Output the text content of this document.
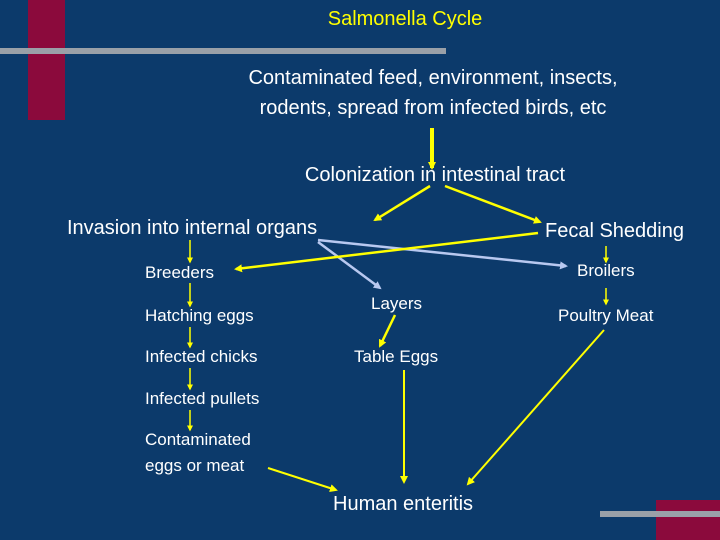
Salmonella Cycle
Contaminated feed, environment, insects,
rodents, spread from infected birds, etc
Colonization in intestinal tract
Invasion into internal organs	Fecal Shedding
Breeders	Broilers
Layers
Hatching eggs	Poultry Meat
Infected chicks	Table Eggs
Infected pullets
Contaminated
eggs or meat
Human enteritis
